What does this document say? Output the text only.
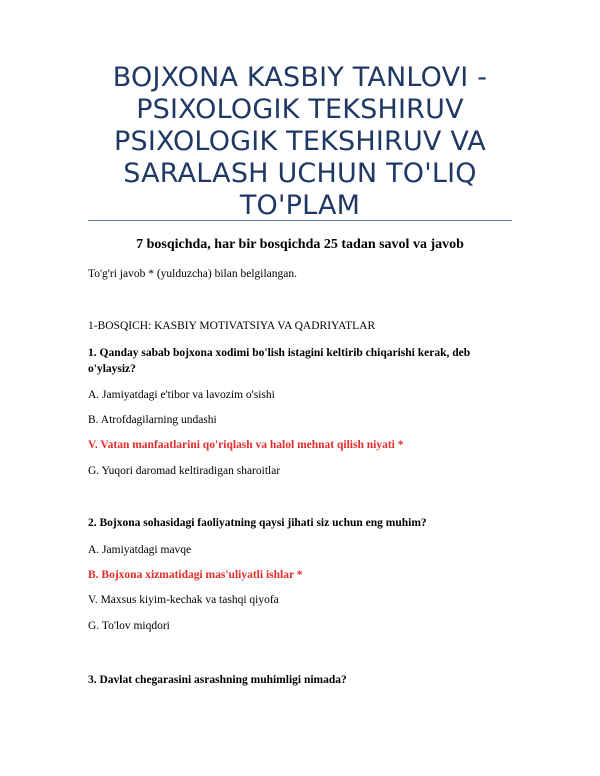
BOJXONA KASBIY TANLOVI - PSIXOLOGIK TEKSHIRUV PSIXOLOGIK TEKSHIRUV VA SARALASH UCHUN TO'LIQ TO'PLAM
7 bosqichda, har bir bosqichda 25 tadan savol va javob
To'g'ri javob * (yulduzcha) bilan belgilangan.
1-BOSQICH: KASBIY MOTIVATSIYA VA QADRIYATLAR
1. Qanday sabab bojxona xodimi bo'lish istagini keltirib chiqarishi kerak, deb o'ylaysiz?
A. Jamiyatdagi e'tibor va lavozim o'sishi
B. Atrofdagilarning undashi
V. Vatan manfaatlarini qo'riqlash va halol mehnat qilish niyati *
G. Yuqori daromad keltiradigan sharoitlar
2. Bojxona sohasidagi faoliyatning qaysi jihati siz uchun eng muhim?
A. Jamiyatdagi mavqe
B. Bojxona xizmatidagi mas'uliyatli ishlar *
V. Maxsus kiyim-kechak va tashqi qiyofa
G. To'lov miqdori
3. Davlat chegarasini asrashning muhimligi nimada?
